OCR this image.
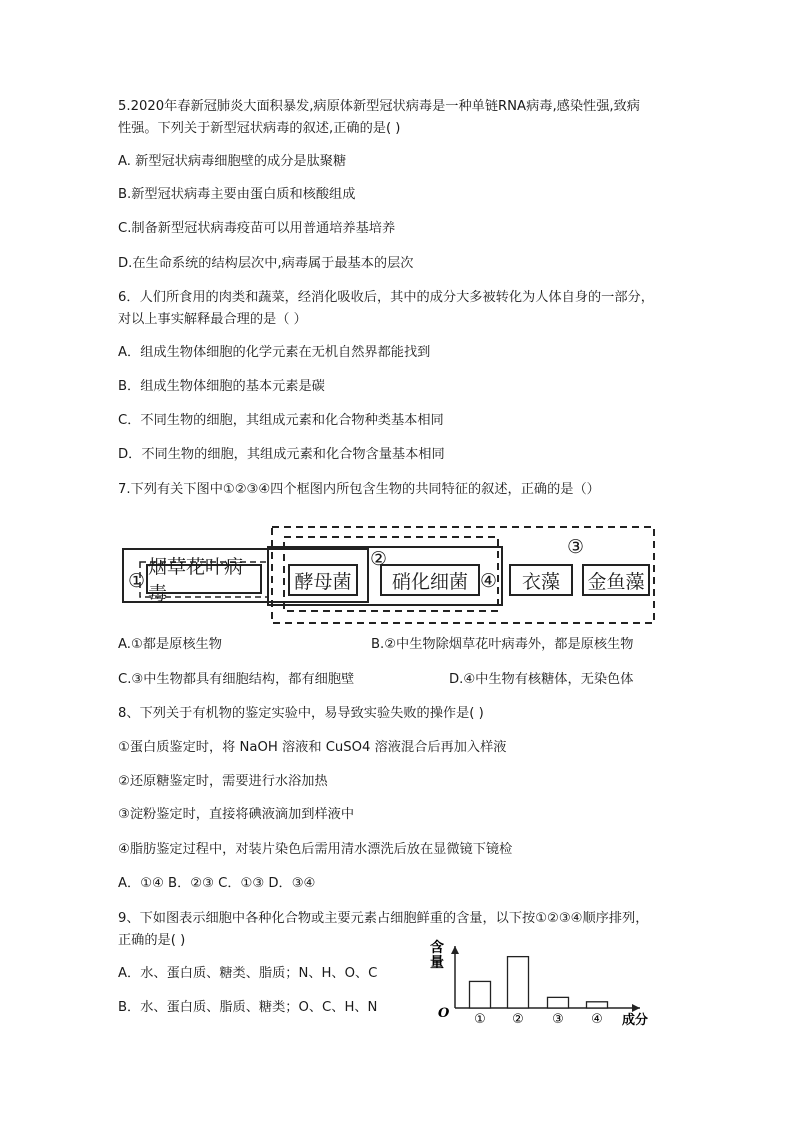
5.2020年春新冠肺炎大面积暴发,病原体新型冠状病毒是一种单链RNA病毒,感染性强,致病
性强。下列关于新型冠状病毒的叙述,正确的是( )
A. 新型冠状病毒细胞壁的成分是肽聚糖
B.新型冠状病毒主要由蛋白质和核酸组成
C.制备新型冠状病毒疫苗可以用普通培养基培养
D.在生命系统的结构层次中,病毒属于最基本的层次
6．人们所食用的肉类和蔬菜，经消化吸收后，其中的成分大多被转化为人体自身的一部分，
对以上事实解释最合理的是（ ）
A．组成生物体细胞的化学元素在无机自然界都能找到
B．组成生物体细胞的基本元素是碳
C．不同生物的细胞，其组成元素和化合物种类基本相同
D．不同生物的细胞，其组成元素和化合物含量基本相同
7.下列有关下图中①②③④四个框图内所包含生物的共同特征的叙述，正确的是（）
①
烟草花叶病毒
酵母菌
②
硝化细菌 ④
③
衣藻	金鱼藻
A.①都是原核生物	B.②中生物除烟草花叶病毒外，都是原核生物
C.③中生物都具有细胞结构，都有细胞壁	D.④中生物有核糖体，无染色体
8、下列关于有机物的鉴定实验中，易导致实验失败的操作是( )
①蛋白质鉴定时，将 NaOH 溶液和 CuSO4 溶液混合后再加入样液
②还原糖鉴定时，需要进行水浴加热
③淀粉鉴定时，直接将碘液滴加到样液中
④脂肪鉴定过程中，对装片染色后需用清水漂洗后放在显微镜下镜检
A．①④ B．②③ C．①③ D．③④
9、下如图表示细胞中各种化合物或主要元素占细胞鲜重的含量，以下按①②③④顺序排列，
正确的是( )
A．水、蛋白质、糖类、脂质；N、H、O、C
B．水、蛋白质、脂质、糖类；O、C、H、N
① ② ③ ④
含
量
成分
O
